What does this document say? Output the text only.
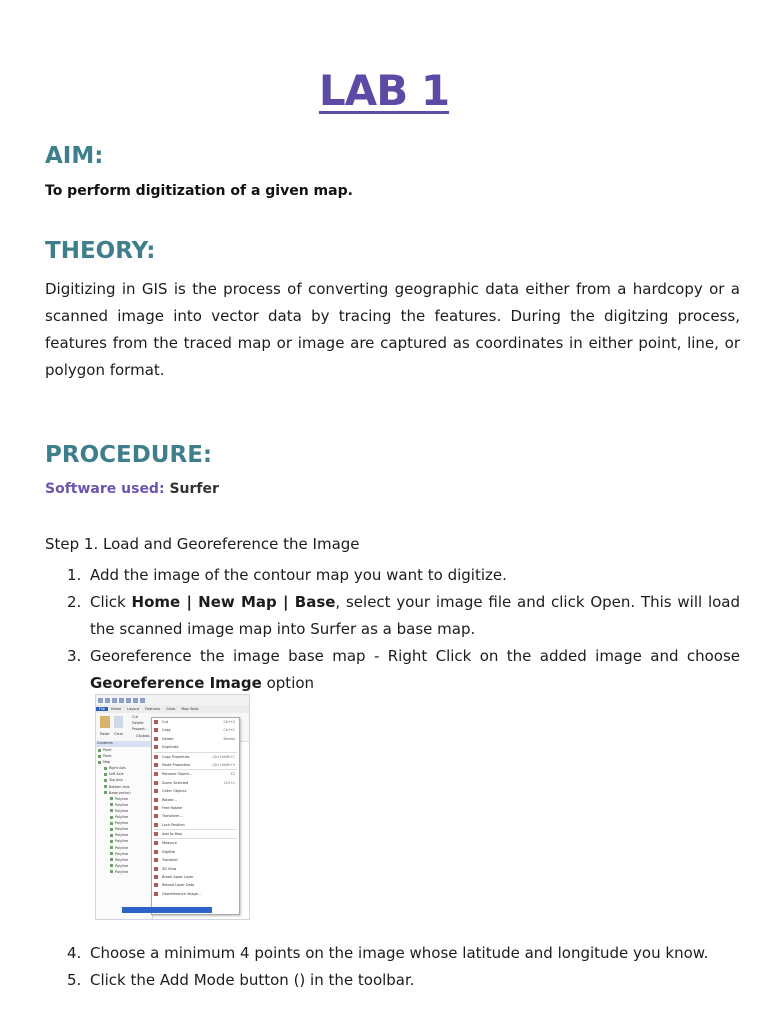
LAB 1
AIM:
To perform digitization of a given map.
THEORY:

Digitizing in GIS is the process of converting geographic data either from a hardcopy or a scanned image into vector data by tracing the features. During the digitzing process, features from the traced map or image are captured as coordinates in either point, line, or polygon format.

PROCEDURE:
Software used: Surfer
Step 1. Load and Georeference the Image
1. Add the image of the contour map you want to digitize.
2. Click Home | New Map | Base, select your image file and click Open. This will load the scanned image map into Surfer as a base map.
3. Georeference the image base map - Right Click on the added image and choose Georeference Image option
4. Choose a minimum 4 points on the image whose latitude and longitude you know.
5. Click the Add Mode button () in the toolbar.
File	Home	Layout	Features	Grids	Map Tools
Paste Clear
Cut
Delete
Propert..
Clipboa..
Contents
Point
Point
Map
Right Axis
Left Axis
Top Axis
Bottom Axis
Base(vector)
Polyline
Polyline
Polyline
Polyline
Polyline
Polyline
Polyline
Polyline
Polyline
Polyline
Polyline
Polyline
Polyline
Cut	Ctrl+X
Copy	Ctrl+C
Delete	Delete
Duplicate
Copy Properties	Ctrl+Shift+C
Paste Properties	Ctrl+Shift+V
Rename Object...	F2
Zoom Selected	Ctrl+L
Order Objects
Rotate...
Free Rotate
Transform...
Lock Position
Add to Map
Measure
Digitize
Trackball
3D View
Break Apart Layer
Reload Layer Data
Georeference Image...
